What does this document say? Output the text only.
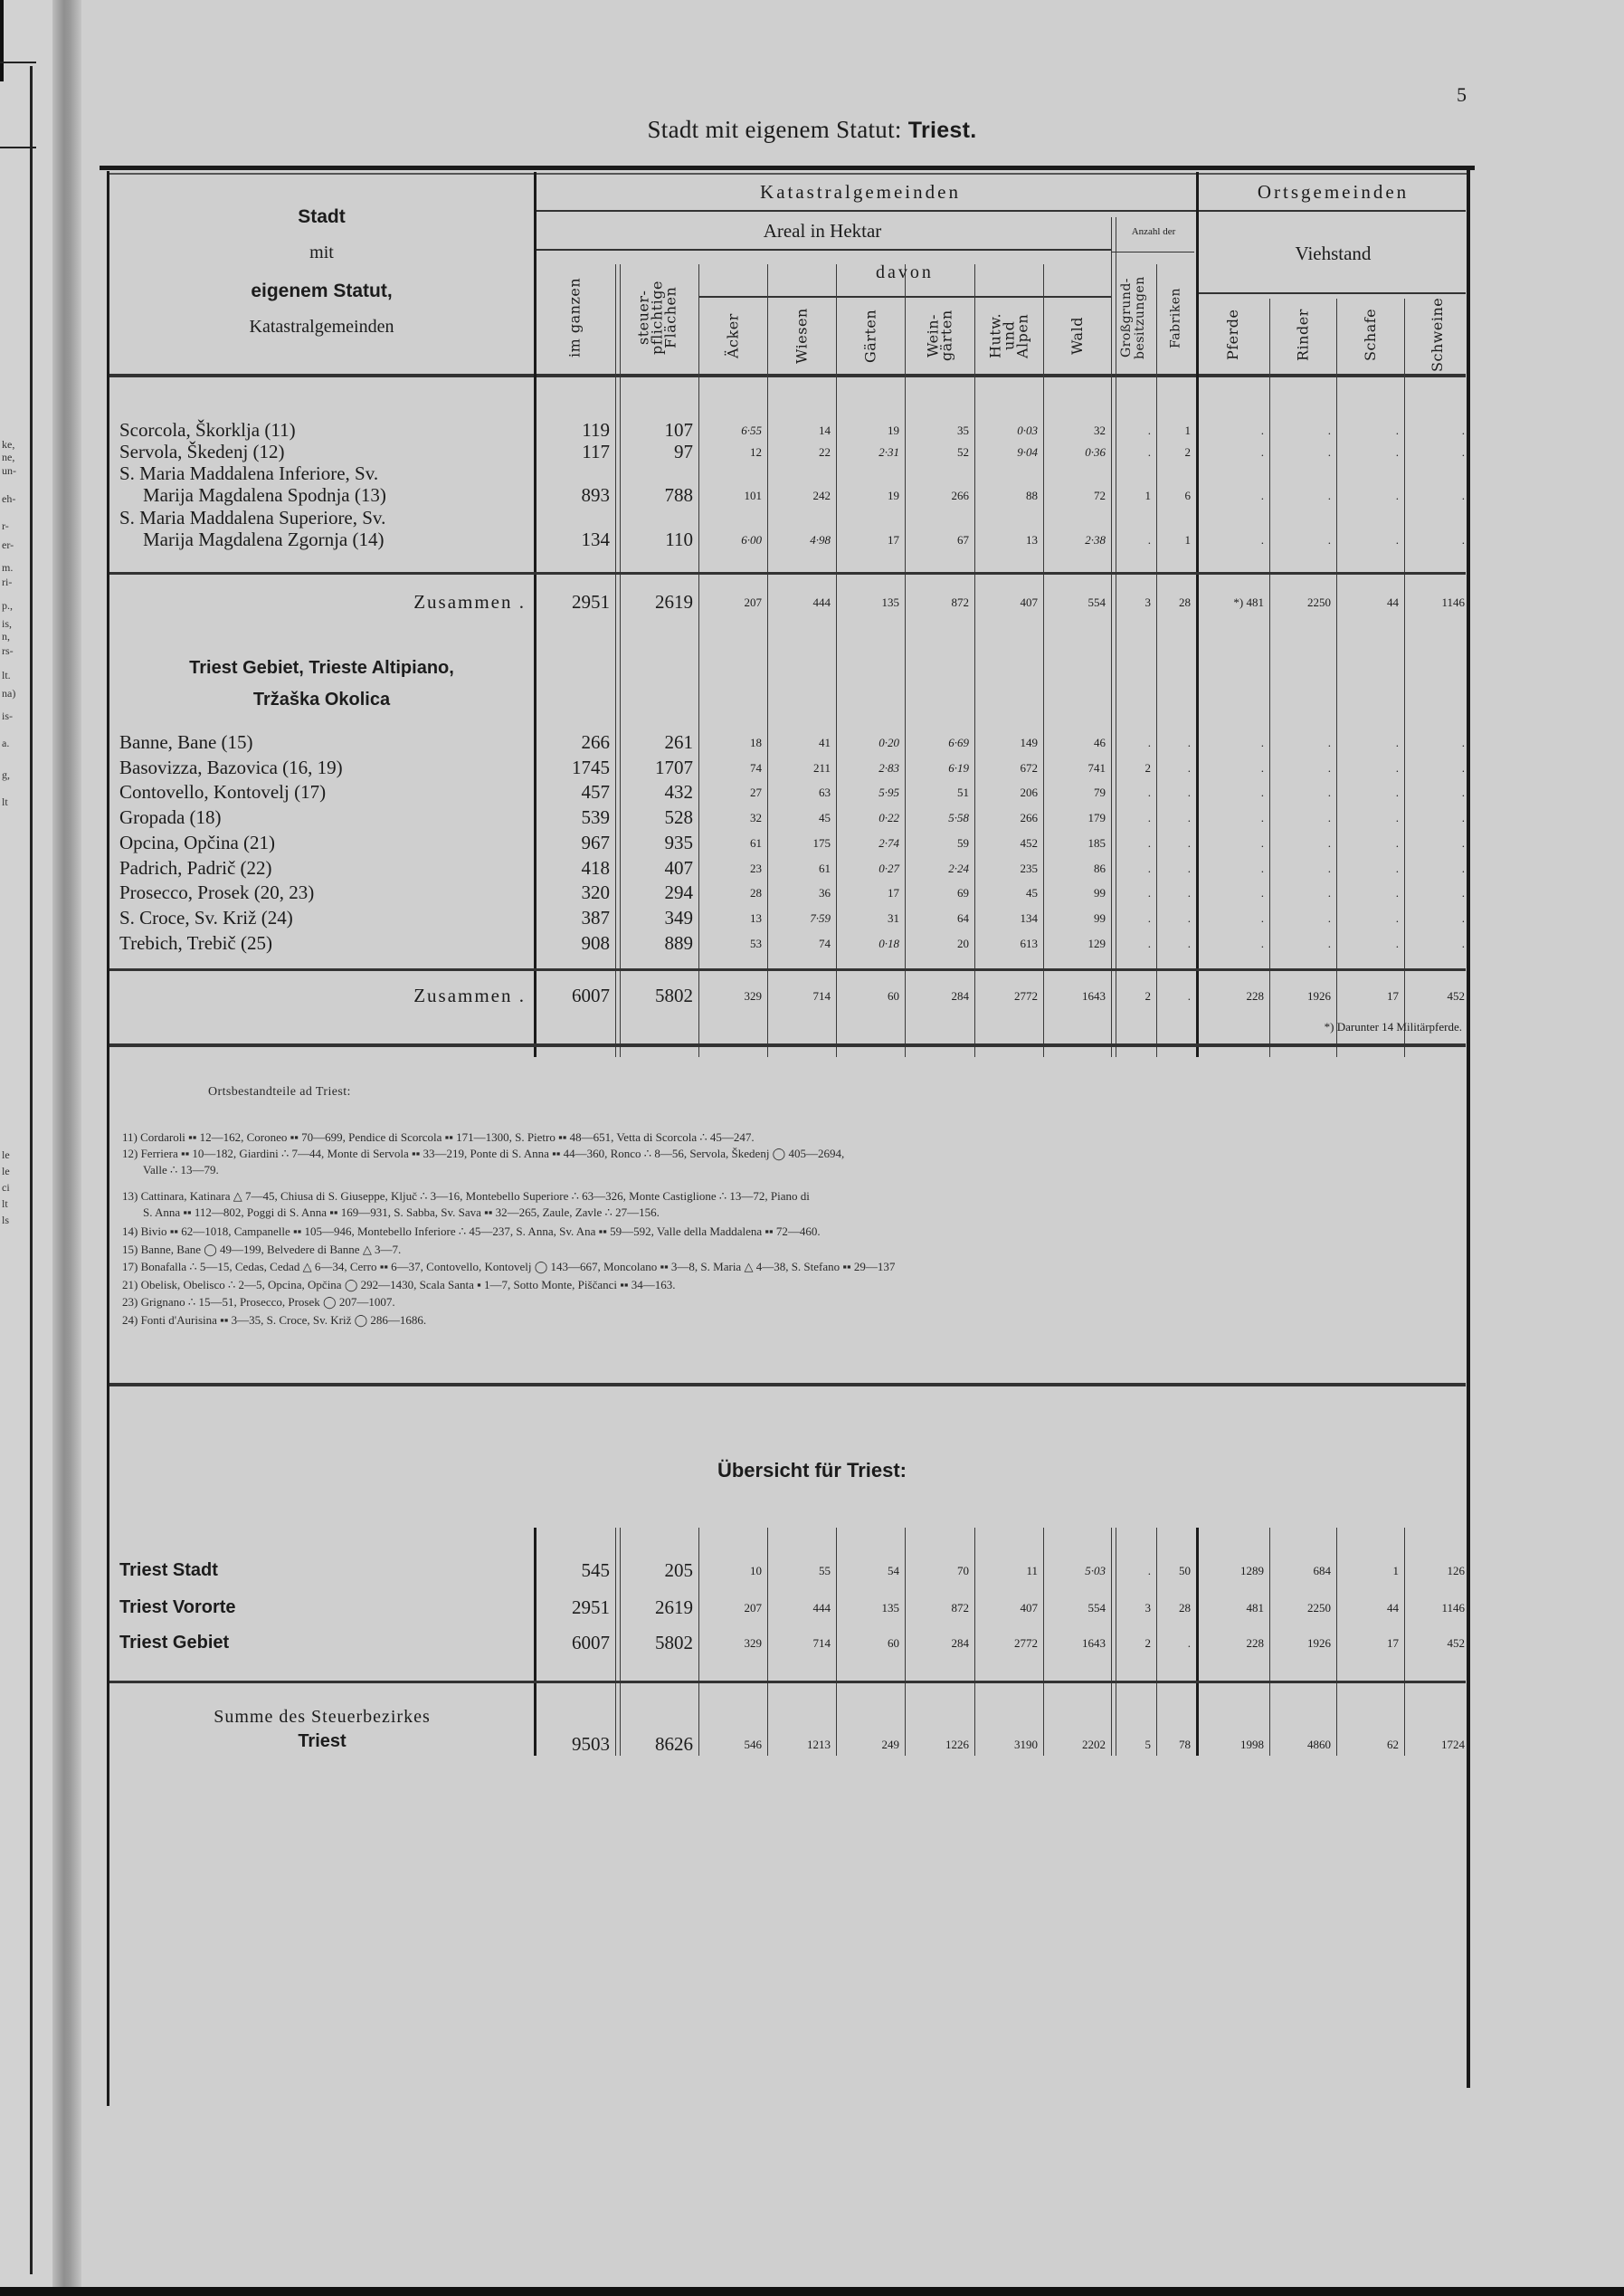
ke,
ne,
un-
eh-
r-
er-
m.
ri-
p.,
is,
n,
rs-
lt.
na)
is-
a.
g,
lt
le
le
ci
lt
ls
5
Stadt mit eigenem Statut: Triest.
Stadt
mit
eigenem Statut,
Katastralgemeinden
Katastralgemeinden
Areal in Hektar	Anzahl der
davon
Ortsgemeinden
Viehstand
im ganzen	steuer-pflichtige Flächen	Äcker	Wiesen	Gärten	Wein-gärten	Hutw. und Alpen	Wald	Großgrund-besitzungen	Fabriken	Pferde	Rinder	Schafe	Schweine
Scorcola, Škorklja (11)	119	107	6·55	14	19	35	0·03	32	.	1	.	.	.	.
Servola, Škedenj (12)	117	97	12	22	2·31	52	9·04	0·36	.	2	.	.	.	.
S. Maria Maddalena Inferiore, Sv.
Marija Magdalena Spodnja (13)	893	788	101	242	19	266	88	72	1	6	.	.	.	.
S. Maria Maddalena Superiore, Sv.
Marija Magdalena Zgornja (14)	134	110	6·00	4·98	17	67	13	2·38	.	1	.	.	.	.
Zusammen .	2951	2619	207	444	135	872	407	554	3	28	*) 481	2250	44	1146
Triest Gebiet, Trieste Altipiano,
Tržaška Okolica
Banne, Bane (15)	266	261	18	41	0·20	6·69	149	46	.	.	.	.	.	.
Basovizza, Bazovica (16, 19)	1745	1707	74	211	2·83	6·19	672	741	2	.	.	.	.	.
Contovello, Kontovelj (17)	457	432	27	63	5·95	51	206	79	.	.	.	.	.	.
Gropada (18)	539	528	32	45	0·22	5·58	266	179	.	.	.	.	.	.
Opcina, Opčina (21)	967	935	61	175	2·74	59	452	185	.	.	.	.	.	.
Padrich, Padrič (22)	418	407	23	61	0·27	2·24	235	86	.	.	.	.	.	.
Prosecco, Prosek (20, 23)	320	294	28	36	17	69	45	99	.	.	.	.	.	.
S. Croce, Sv. Križ (24)	387	349	13	7·59	31	64	134	99	.	.	.	.	.	.
Trebich, Trebič (25)	908	889	53	74	0·18	20	613	129	.	.	.	.	.	.
Zusammen .	6007	5802	329	714	60	284	2772	1643	2	.	228	1926	17	452
*) Darunter 14 Militärpferde.
Triest Stadt	545	205	10	55	54	70	11	5·03	.	50	1289	684	1	126
Triest Vororte	2951	2619	207	444	135	872	407	554	3	28	481	2250	44	1146
Triest Gebiet	6007	5802	329	714	60	284	2772	1643	2	.	228	1926	17	452
Summe des Steuerbezirkes
Triest	9503	8626	546	1213	249	1226	3190	2202	5	78	1998	4860	62	1724
Ortsbestandteile ad Triest:
11) Cordaroli ▪▪ 12—162, Coroneo ▪▪ 70—699, Pendice di Scorcola ▪▪ 171—1300, S. Pietro ▪▪ 48—651, Vetta di Scorcola ∴ 45—247.
12) Ferriera ▪▪ 10—182, Giardini ∴ 7—44, Monte di Servola ▪▪ 33—219, Ponte di S. Anna ▪▪ 44—360, Ronco ∴ 8—56, Servola, Škedenj ◯ 405—2694,
Valle ∴ 13—79.
13) Cattinara, Katinara △ 7—45, Chiusa di S. Giuseppe, Ključ ∴ 3—16, Montebello Superiore ∴ 63—326, Monte Castiglione ∴ 13—72, Piano di
S. Anna ▪▪ 112—802, Poggi di S. Anna ▪▪ 169—931, S. Sabba, Sv. Sava ▪▪ 32—265, Zaule, Zavle ∴ 27—156.
14) Bivio ▪▪ 62—1018, Campanelle ▪▪ 105—946, Montebello Inferiore ∴ 45—237, S. Anna, Sv. Ana ▪▪ 59—592, Valle della Maddalena ▪▪ 72—460.
15) Banne, Bane ◯ 49—199, Belvedere di Banne △ 3—7.
17) Bonafalla ∴ 5—15, Cedas, Cedad △ 6—34, Cerro ▪▪ 6—37, Contovello, Kontovelj ◯ 143—667, Moncolano ▪▪ 3—8, S. Maria △ 4—38, S. Stefano ▪▪ 29—137
21) Obelisk, Obelisco ∴ 2—5, Opcina, Opčina ◯ 292—1430, Scala Santa ▪ 1—7, Sotto Monte, Piščanci ▪▪ 34—163.
23) Grignano ∴ 15—51, Prosecco, Prosek ◯ 207—1007.
24) Fonti d'Aurisina ▪▪ 3—35, S. Croce, Sv. Križ ◯ 286—1686.
Übersicht für Triest:
